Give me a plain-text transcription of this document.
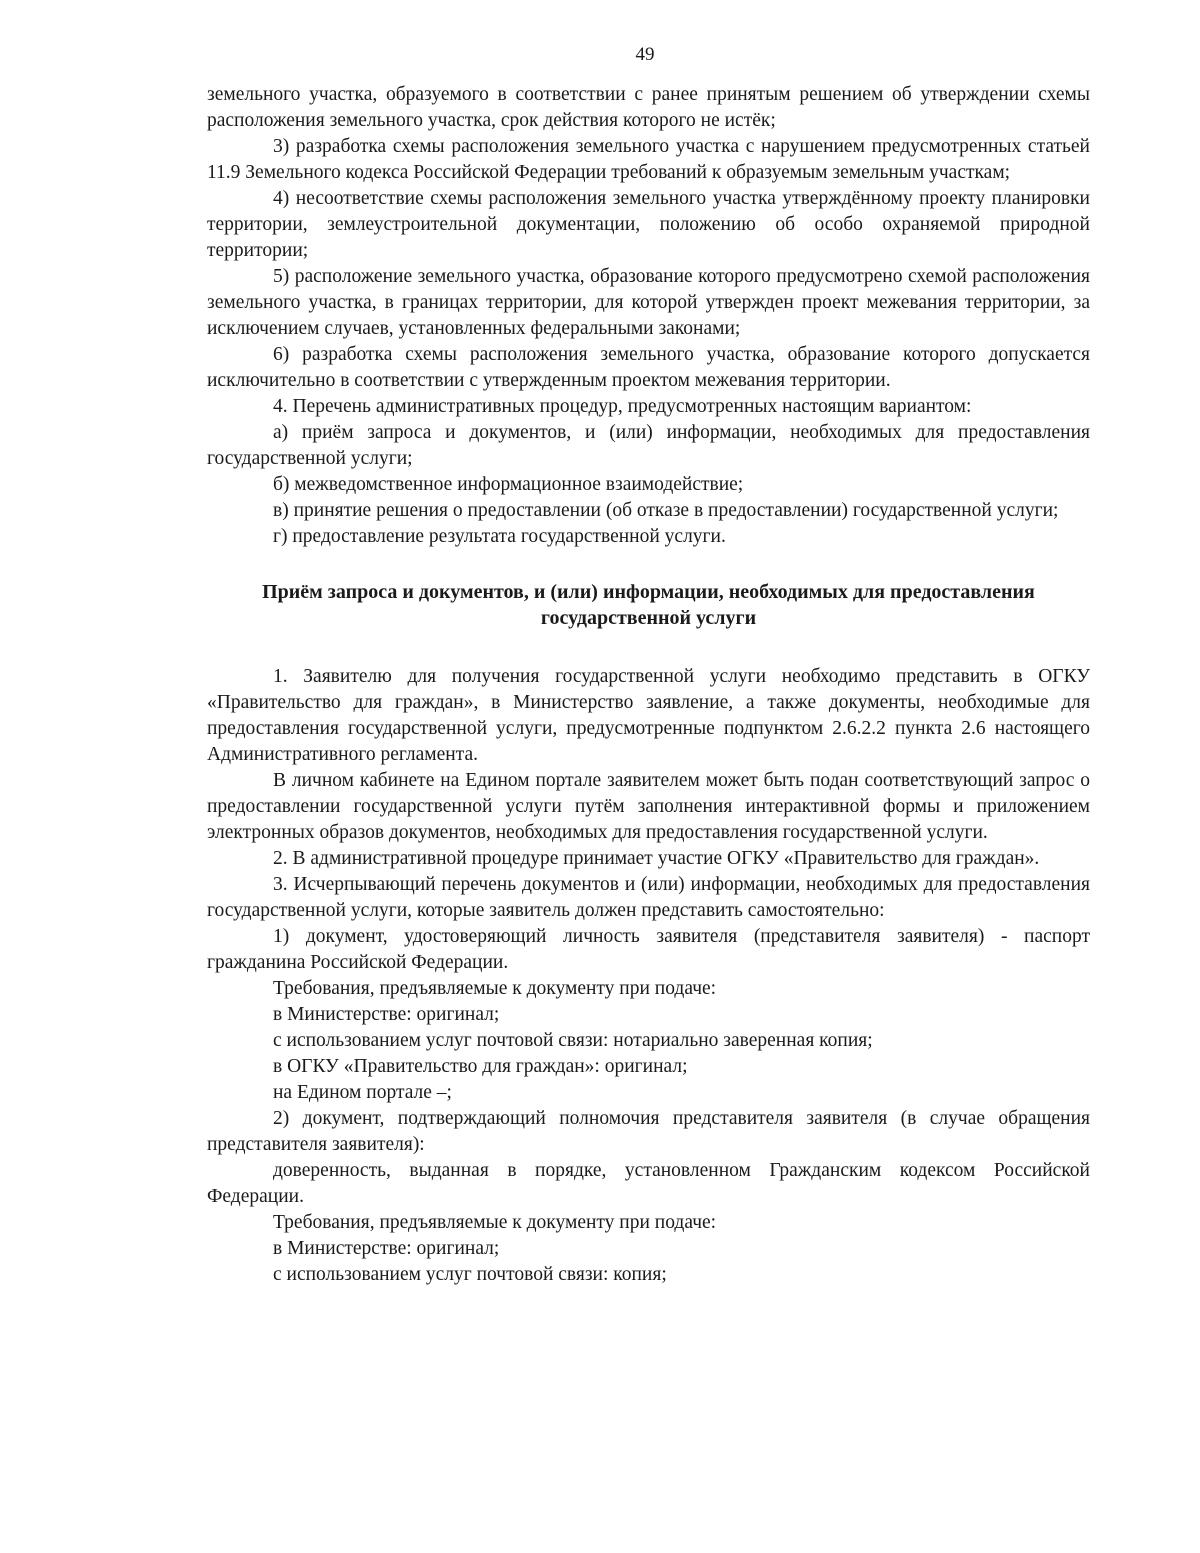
49

земельного участка, образуемого в соответствии с ранее принятым решением об утверждении схемы расположения земельного участка, срок действия которого не истёк;

3) разработка схемы расположения земельного участка с нарушением предусмотренных статьей 11.9 Земельного кодекса Российской Федерации требований к образуемым земельным участкам;

4) несоответствие схемы расположения земельного участка утверждённому проекту планировки территории, землеустроительной документации, положению об особо охраняемой природной территории;

5) расположение земельного участка, образование которого предусмотрено схемой расположения земельного участка, в границах территории, для которой утвержден проект межевания территории, за исключением случаев, установленных федеральными законами;

6) разработка схемы расположения земельного участка, образование которого допускается исключительно в соответствии с утвержденным проектом межевания территории.

4. Перечень административных процедур, предусмотренных настоящим вариантом:

а) приём запроса и документов, и (или) информации, необходимых для предоставления государственной услуги;

б) межведомственное информационное взаимодействие;

в) принятие решения о предоставлении (об отказе в предоставлении) государственной услуги;

г) предоставление результата государственной услуги.

Приём запроса и документов, и (или) информации, необходимых для предоставления государственной услуги

1. Заявителю для получения государственной услуги необходимо представить в ОГКУ «Правительство для граждан», в Министерство заявление, а также документы, необходимые для предоставления государственной услуги, предусмотренные подпунктом 2.6.2.2 пункта 2.6 настоящего Административного регламента.

В личном кабинете на Едином портале заявителем может быть подан соответствующий запрос о предоставлении государственной услуги путём заполнения интерактивной формы и приложением электронных образов документов, необходимых для предоставления государственной услуги.

2. В административной процедуре принимает участие ОГКУ «Правительство для граждан».

3. Исчерпывающий перечень документов и (или) информации, необходимых для предоставления государственной услуги, которые заявитель должен представить самостоятельно:

1) документ, удостоверяющий личность заявителя (представителя заявителя) - паспорт гражданина Российской Федерации.

Требования, предъявляемые к документу при подаче:

в Министерстве: оригинал;

с использованием услуг почтовой связи: нотариально заверенная копия;

в ОГКУ «Правительство для граждан»: оригинал;

на Едином портале –;

2) документ, подтверждающий полномочия представителя заявителя (в случае обращения представителя заявителя):

доверенность, выданная в порядке, установленном Гражданским кодексом Российской Федерации.

Требования, предъявляемые к документу при подаче:

в Министерстве: оригинал;

с использованием услуг почтовой связи: копия;
